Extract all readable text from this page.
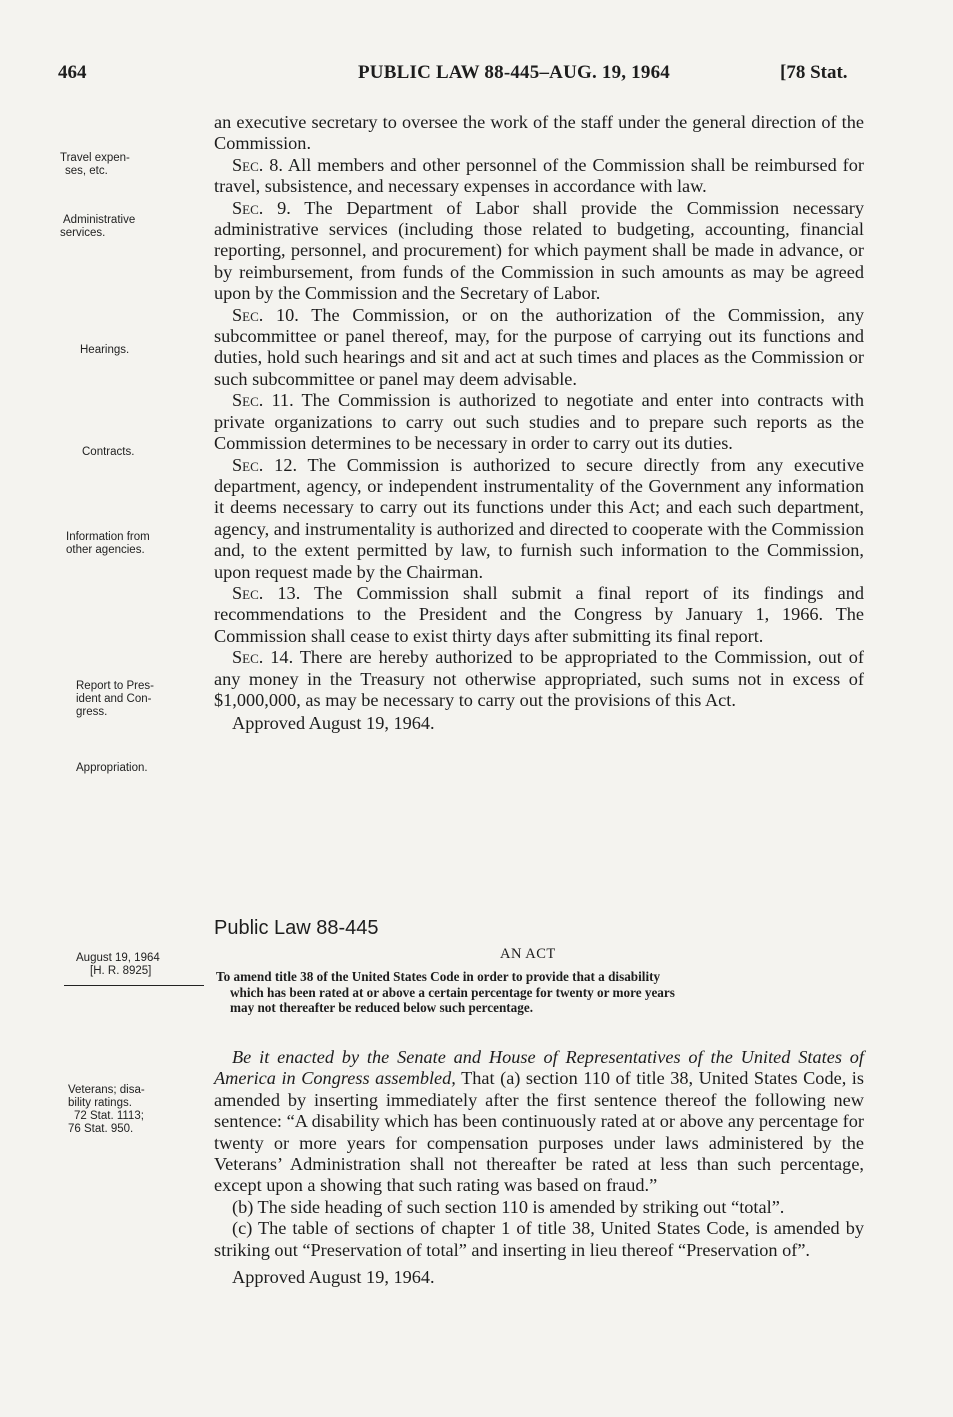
464	PUBLIC LAW 88-445–AUG. 19, 1964	[78 Stat.
Travel expen-
ses, etc.
Administrative
services.
Hearings.
Contracts.
Information from
other agencies.
Report to Pres-
ident and Con-
gress.
Appropriation.
August 19, 1964
[H. R. 8925]
Veterans; disa-
bility ratings.
72 Stat. 1113;
76 Stat. 950.

an executive secretary to oversee the work of the staff under the general direction of the Commission.

Sec. 8. All members and other personnel of the Commission shall be reimbursed for travel, subsistence, and necessary expenses in accordance with law.

Sec. 9. The Department of Labor shall provide the Commission necessary administrative services (including those related to budgeting, accounting, financial reporting, personnel, and procurement) for which payment shall be made in advance, or by reimbursement, from funds of the Commission in such amounts as may be agreed upon by the Commission and the Secretary of Labor.

Sec. 10. The Commission, or on the authorization of the Commission, any subcommittee or panel thereof, may, for the purpose of carrying out its functions and duties, hold such hearings and sit and act at such times and places as the Commission or such subcommittee or panel may deem advisable.

Sec. 11. The Commission is authorized to negotiate and enter into contracts with private organizations to carry out such studies and to prepare such reports as the Commission determines to be necessary in order to carry out its duties.

Sec. 12. The Commission is authorized to secure directly from any executive department, agency, or independent instrumentality of the Government any information it deems necessary to carry out its functions under this Act; and each such department, agency, and instrumentality is authorized and directed to cooperate with the Commission and, to the extent permitted by law, to furnish such information to the Commission, upon request made by the Chairman.

Sec. 13. The Commission shall submit a final report of its findings and recommendations to the President and the Congress by January 1, 1966. The Commission shall cease to exist thirty days after submitting its final report.

Sec. 14. There are hereby authorized to be appropriated to the Commission, out of any money in the Treasury not otherwise appropriated, such sums not in excess of $1,000,000, as may be necessary to carry out the provisions of this Act.

Approved August 19, 1964.

Public Law 88-445
AN ACT
To amend title 38 of the United States Code in order to provide that a disability
which has been rated at or above a certain percentage for twenty or more years
may not thereafter be reduced below such percentage.

Be it enacted by the Senate and House of Representatives of the United States of America in Congress assembled, That (a) section 110 of title 38, United States Code, is amended by inserting immediately after the first sentence thereof the following new sentence: “A disability which has been continuously rated at or above any percentage for twenty or more years for compensation purposes under laws administered by the Veterans’ Administration shall not thereafter be rated at less than such percentage, except upon a showing that such rating was based on fraud.”

(b) The side heading of such section 110 is amended by striking out “total”.

(c) The table of sections of chapter 1 of title 38, United States Code, is amended by striking out “Preservation of total” and inserting in lieu thereof “Preservation of”.

Approved August 19, 1964.
